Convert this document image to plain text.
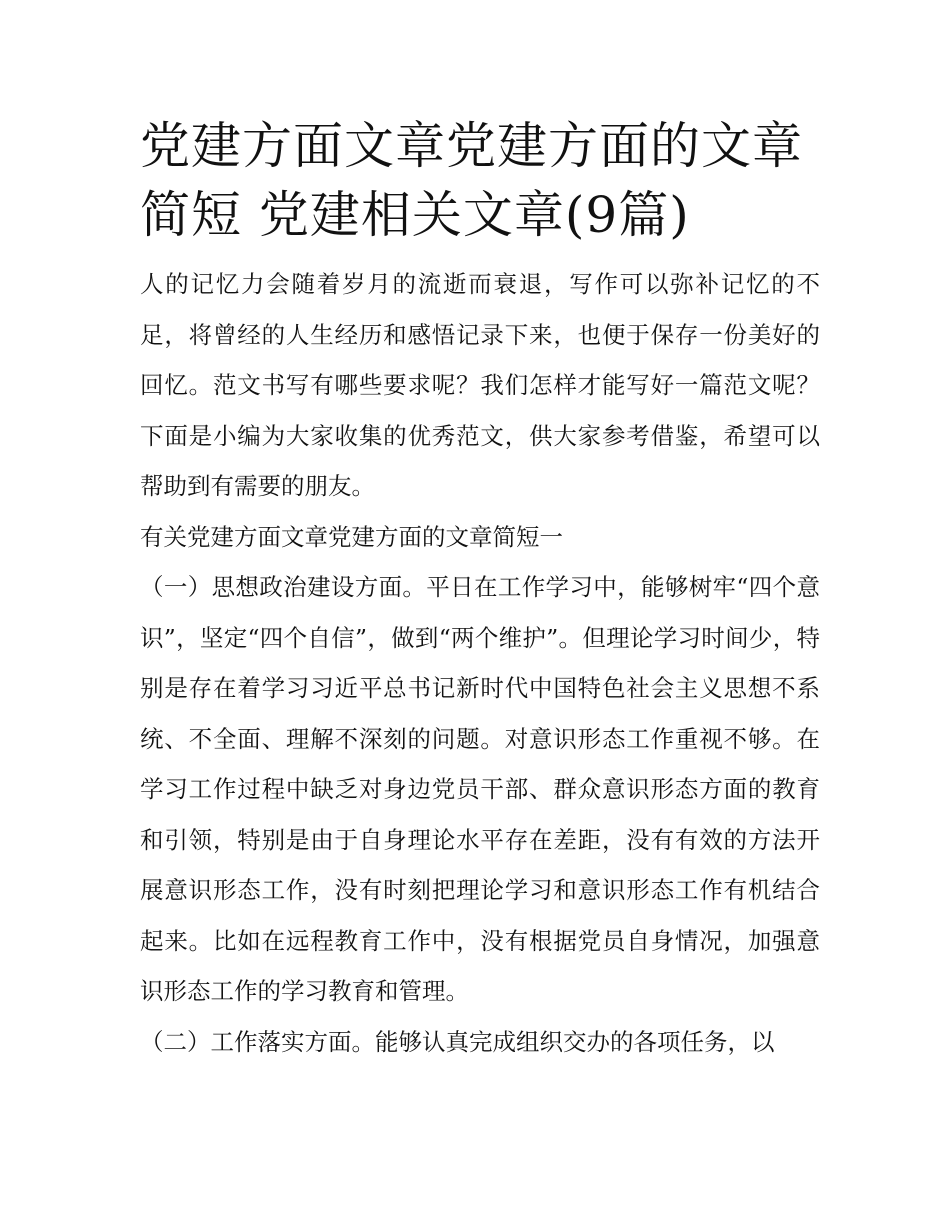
党建方面文章党建方面的文章简短 党建相关文章(9篇)

人的记忆力会随着岁月的流逝而衰退，写作可以弥补记忆的不足，将曾经的人生经历和感悟记录下来，也便于保存一份美好的回忆。范文书写有哪些要求呢？我们怎样才能写好一篇范文呢？下面是小编为大家收集的优秀范文，供大家参考借鉴，希望可以帮助到有需要的朋友。

有关党建方面文章党建方面的文章简短一

（一）思想政治建设方面。平日在工作学习中，能够树牢“四个意识”，坚定“四个自信”，做到“两个维护”。但理论学习时间少，特别是存在着学习习近平总书记新时代中国特色社会主义思想不系统、不全面、理解不深刻的问题。对意识形态工作重视不够。在学习工作过程中缺乏对身边党员干部、群众意识形态方面的教育和引领，特别是由于自身理论水平存在差距，没有有效的方法开展意识形态工作，没有时刻把理论学习和意识形态工作有机结合起来。比如在远程教育工作中，没有根据党员自身情况，加强意识形态工作的学习教育和管理。

（二）工作落实方面。能够认真完成组织交办的各项任务，以
